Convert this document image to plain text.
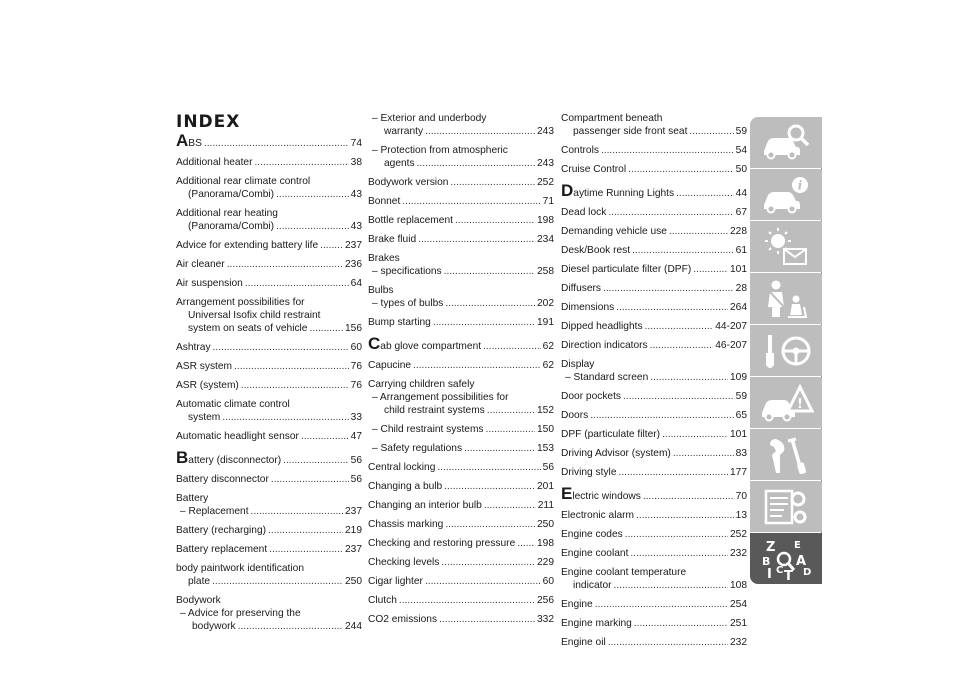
INDEX
ABS .....	74
Additional heater .....	38
Additional rear climate control
(Panorama/Combi) .....	43
Additional rear heating
(Panorama/Combi) .....	43
Advice for extending battery life .....	237
Air cleaner .....	236
Air suspension .....	64
Arrangement possibilities for
Universal Isofix child restraint
system on seats of vehicle .....	156
Ashtray .....	60
ASR system .....	76
ASR (system) .....	76
Automatic climate control
system .....	33
Automatic headlight sensor .....	47
Battery (disconnector) .....	56
Battery disconnector .....	56
Battery
– Replacement .....	237
Battery (recharging) .....	219
Battery replacement .....	237
body paintwork identification
plate .....	250
Bodywork
– Advice for preserving the
bodywork .....	244
– Exterior and underbody
warranty .....	243
– Protection from atmospheric
agents .....	243
Bodywork version .....	252
Bonnet .....	71
Bottle replacement .....	198
Brake fluid .....	234
Brakes
– specifications .....	258
Bulbs
– types of bulbs .....	202
Bump starting .....	191
Cab glove compartment .....	62
Capucine .....	62
Carrying children safely
– Arrangement possibilities for
child restraint systems .....	152
– Child restraint systems .....	150
– Safety regulations .....	153
Central locking .....	56
Changing a bulb .....	201
Changing an interior bulb .....	211
Chassis marking .....	250
Checking and restoring pressure ..... 198
Checking levels .....	229
Cigar lighter .....	60
Clutch .....	256
CO2 emissions .....	332
Compartment beneath
passenger side front seat .....	59
Controls .....	54
Cruise Control .....	50
Daytime Running Lights .....	44
Dead lock .....	67
Demanding vehicle use .....	228
Desk/Book rest .....	61
Diesel particulate filter (DPF) .....	101
Diffusers .....	28
Dimensions .....	264
Dipped headlights .....	44-207
Direction indicators .....	46-207
Display
– Standard screen .....	109
Door pockets .....	59
Doors .....	65
DPF (particulate filter) .....	101
Driving Advisor (system) .....	83
Driving style .....	177
Electric windows .....	70
Electronic alarm .....	13
Engine codes .....	252
Engine coolant .....	232
Engine coolant temperature
indicator .....	108
Engine .....	254
Engine marking .....	251
Engine oil .....	232
i
!
Z E
B A
I C T D
